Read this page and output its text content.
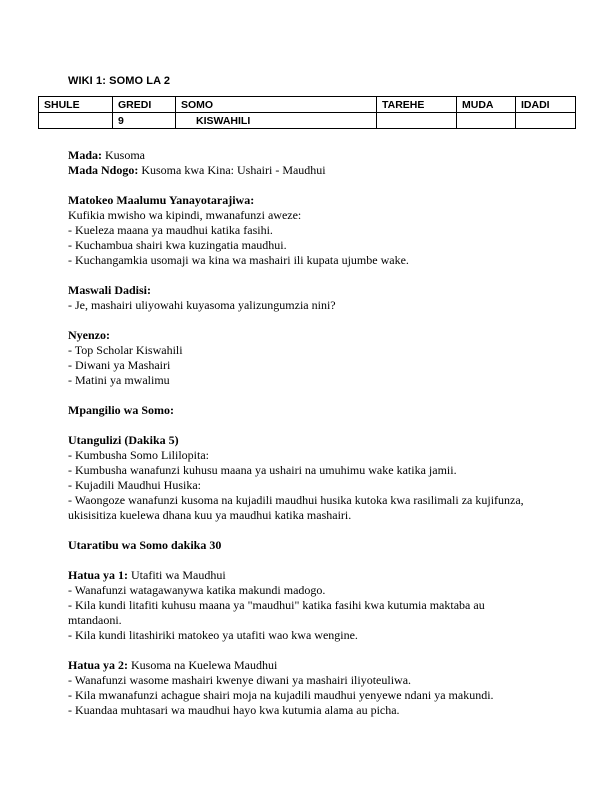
WIKI 1: SOMO LA 2
SHULE	GREDI	SOMO	TAREHE	MUDA	IDADI
	9	KISWAHILI			
Mada: Kusoma
Mada Ndogo: Kusoma kwa Kina: Ushairi - Maudhui
Matokeo Maalumu Yanayotarajiwa:
Kufikia mwisho wa kipindi, mwanafunzi aweze:
- Kueleza maana ya maudhui katika fasihi.
- Kuchambua shairi kwa kuzingatia maudhui.
- Kuchangamkia usomaji wa kina wa mashairi ili kupata ujumbe wake.
Maswali Dadisi:
- Je, mashairi uliyowahi kuyasoma yalizungumzia nini?
Nyenzo:
- Top Scholar Kiswahili
- Diwani ya Mashairi
- Matini ya mwalimu
Mpangilio wa Somo:
Utangulizi (Dakika 5)
- Kumbusha Somo Lililopita:
- Kumbusha wanafunzi kuhusu maana ya ushairi na umuhimu wake katika jamii.
- Kujadili Maudhui Husika:
- Waongoze wanafunzi kusoma na kujadili maudhui husika kutoka kwa rasilimali za kujifunza,
ukisisitiza kuelewa dhana kuu ya maudhui katika mashairi.
Utaratibu wa Somo dakika 30
Hatua ya 1: Utafiti wa Maudhui
- Wanafunzi watagawanywa katika makundi madogo.
- Kila kundi litafiti kuhusu maana ya "maudhui" katika fasihi kwa kutumia maktaba au
mtandaoni.
- Kila kundi litashiriki matokeo ya utafiti wao kwa wengine.
Hatua ya 2: Kusoma na Kuelewa Maudhui
- Wanafunzi wasome mashairi kwenye diwani ya mashairi iliyoteuliwa.
- Kila mwanafunzi achague shairi moja na kujadili maudhui yenyewe ndani ya makundi.
- Kuandaa muhtasari wa maudhui hayo kwa kutumia alama au picha.
